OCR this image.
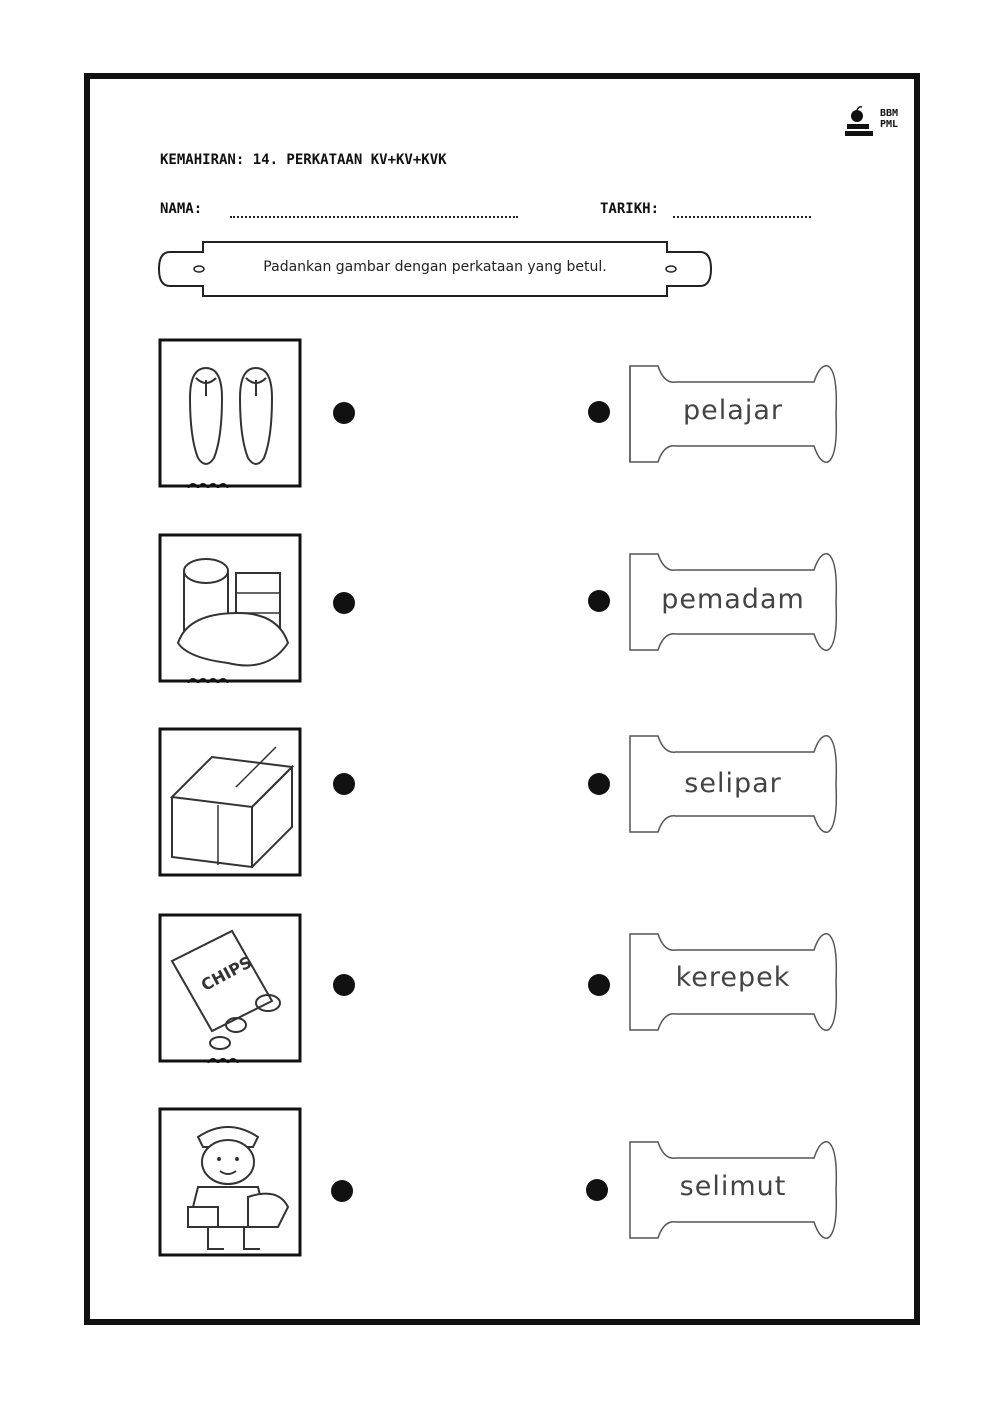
BBM
PML
KEMAHIRAN: 14. PERKATAAN KV+KV+KVK
NAMA:	TARIKH:
Padankan gambar dengan perkataan yang betul.
CHIPS
pelajar
pemadam
selipar
kerepek
selimut
